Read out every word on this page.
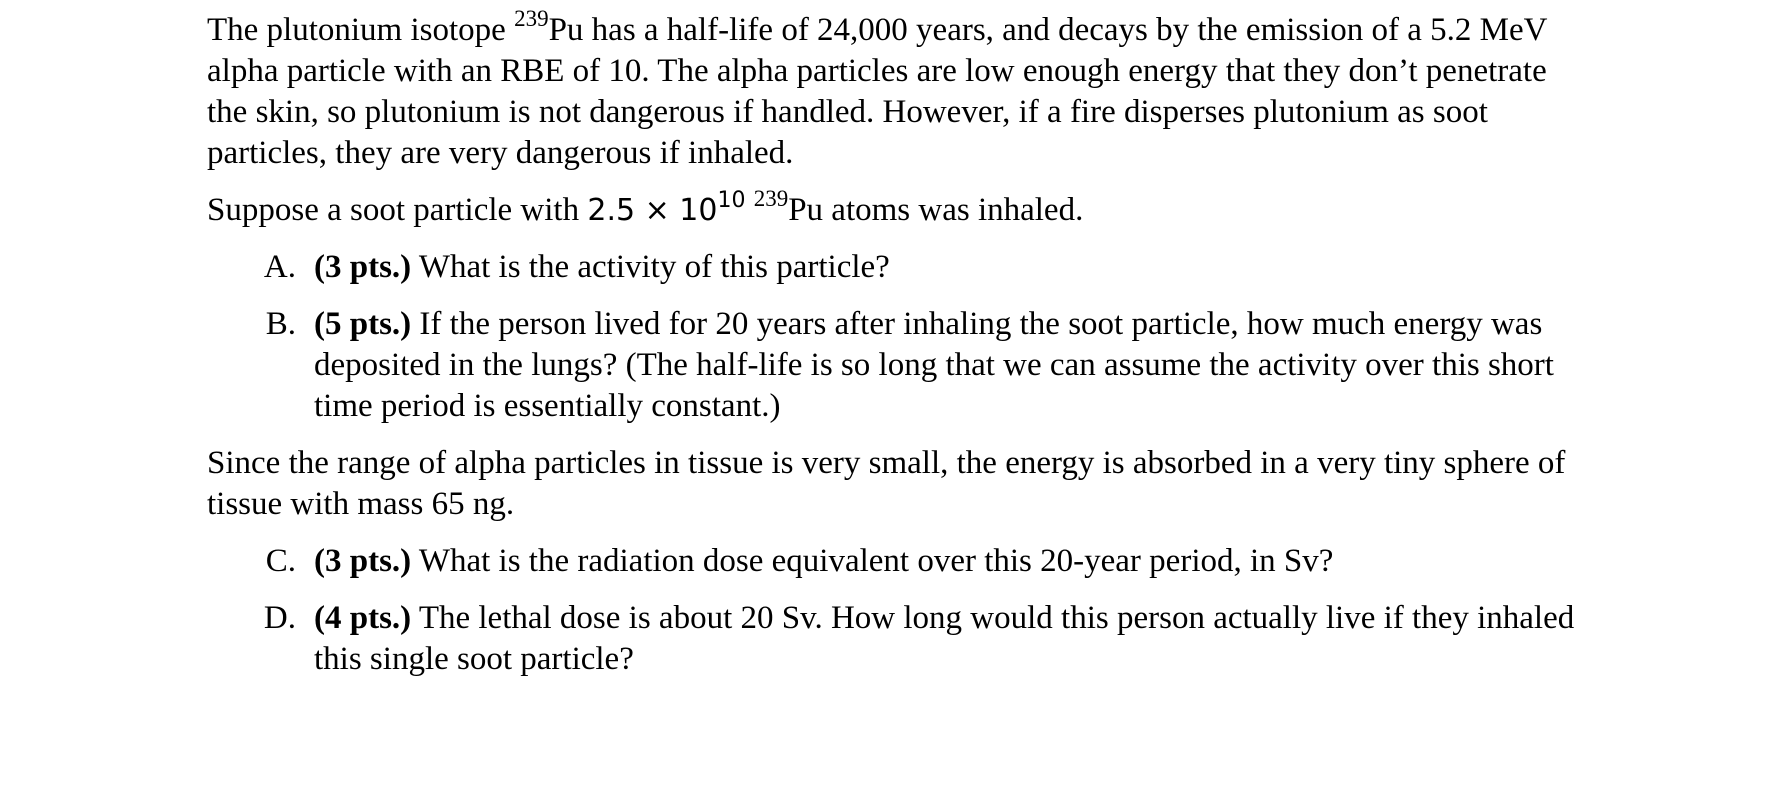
The plutonium isotope $^{239}$Pu has a half-life of 24,000 years, and decays by the emission of a 5.2 MeV alpha particle with an RBE of 10. The alpha particles are low enough energy that they don’t penetrate the skin, so plutonium is not dangerous if handled. However, if a fire disperses plutonium as soot particles, they are very dangerous if inhaled.

Suppose a soot particle with $2.5 \times 10^{10}$ $^{239}$Pu atoms was inhaled.

A. (3 pts.) What is the activity of this particle?
B. (5 pts.) If the person lived for 20 years after inhaling the soot particle, how much energy was deposited in the lungs? (The half-life is so long that we can assume the activity over this short time period is essentially constant.)

Since the range of alpha particles in tissue is very small, the energy is absorbed in a very tiny sphere of tissue with mass 65 ng.

C. (3 pts.) What is the radiation dose equivalent over this 20-year period, in Sv?
D. (4 pts.) The lethal dose is about 20 Sv. How long would this person actually live if they inhaled this single soot particle?
